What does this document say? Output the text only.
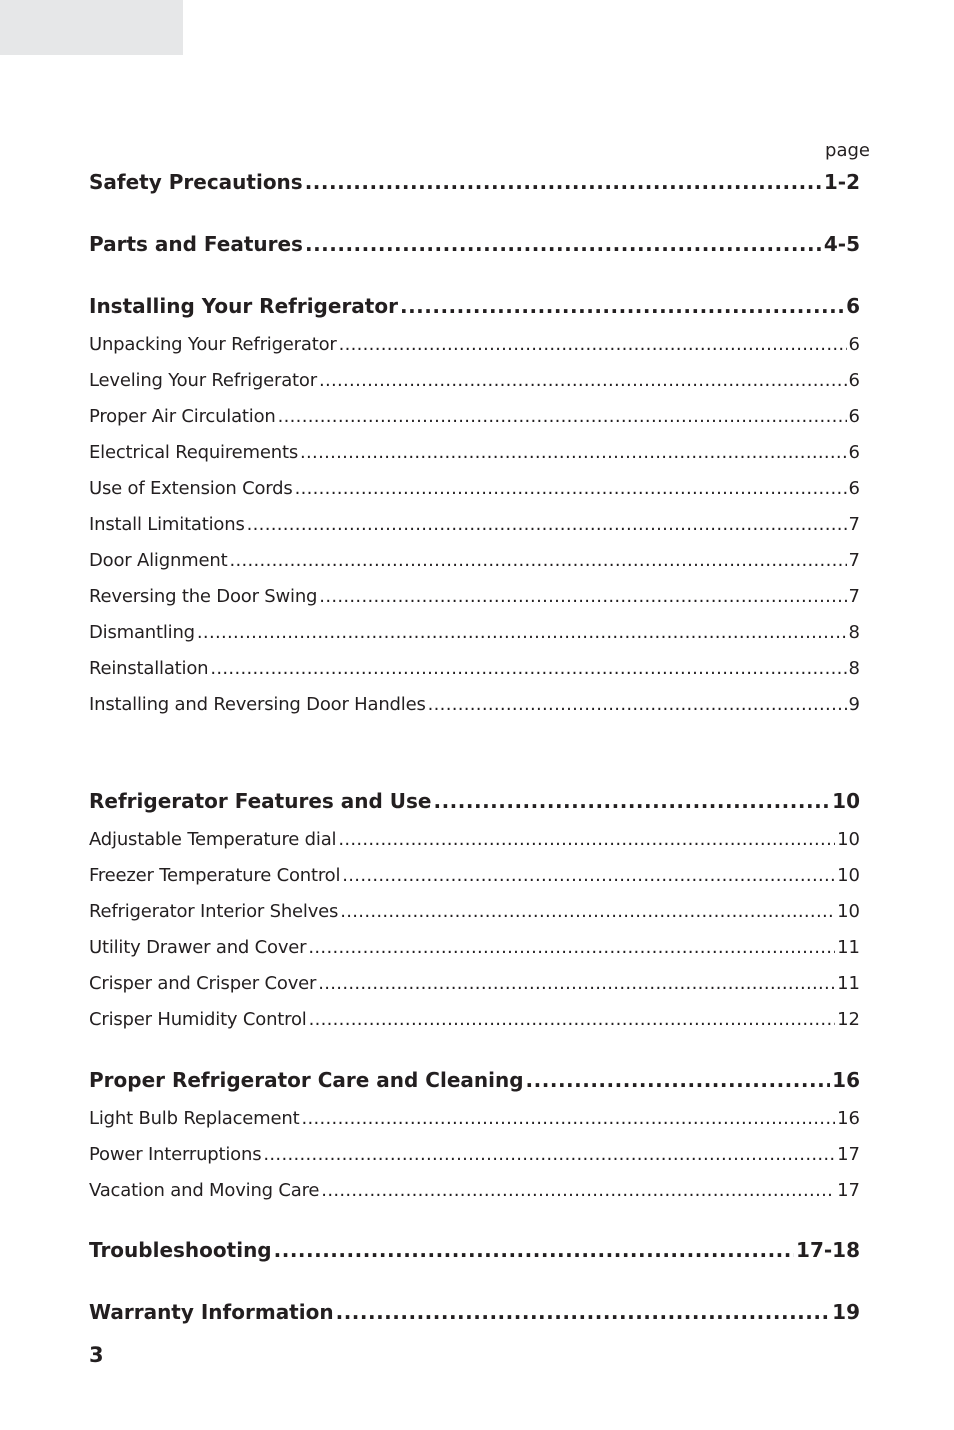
page
Safety Precautions .....	1-2
Parts and Features .....	4-5
Installing Your Refrigerator .....	6
Unpacking Your Refrigerator .....	6
Leveling Your Refrigerator .....	6
Proper Air Circulation .....	6
Electrical Requirements .....	6
Use of Extension Cords .....	6
Install Limitations .....	7
Door Alignment .....	7
Reversing the Door Swing .....	7
Dismantling .....	8
Reinstallation .....	8
Installing and Reversing Door Handles .....	9
Refrigerator Features and Use .....	10
Adjustable Temperature dial .....	10
Freezer Temperature Control .....	10
Refrigerator Interior Shelves .....	10
Utility Drawer and Cover .....	11
Crisper and Crisper Cover .....	11
Crisper Humidity Control .....	12
Proper Refrigerator Care and Cleaning .....	16
Light Bulb Replacement .....	16
Power Interruptions .....	17
Vacation and Moving Care .....	17
Troubleshooting .....	17-18
Warranty Information .....	19
3
